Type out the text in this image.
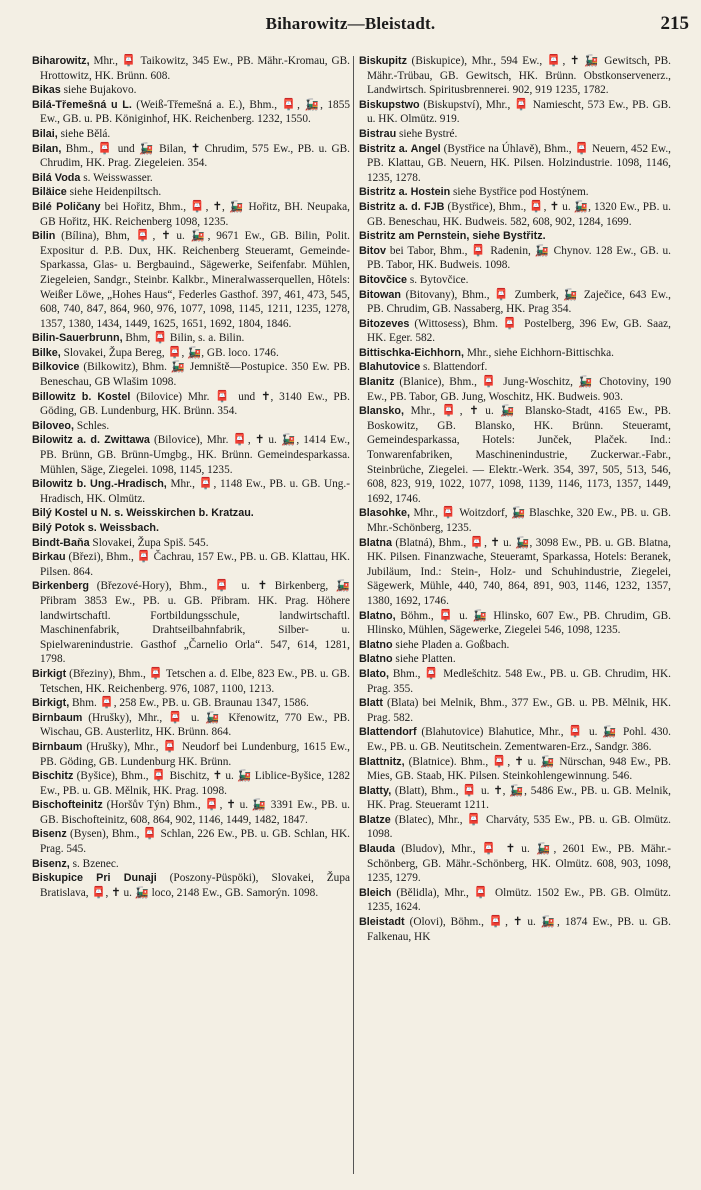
Biharowitz—Bleistadt.	215

Biharowitz, Mhr., 📮 Taikowitz, 345 Ew., PB. Mähr.-Kromau, GB. Hrottowitz, HK. Brünn. 608.

Bikas siehe Bujakovo.

Bilá-Třemešná u L. (Weiß-Třemešná a. E.), Bhm., 📮, 🚂, 1855 Ew., GB. u. PB. Königinhof, HK. Reichenberg. 1232, 1550.

Bilai, siehe Bělá.

Bilan, Bhm., 📮 und 🚂 Bilan, ✝ Chrudim, 575 Ew., PB. u. GB. Chrudim, HK. Prag. Ziegeleien. 354.

Bilá Voda s. Weisswasser.

Biläice siehe Heidenpiltsch.

Bilé Poličany bei Hořitz, Bhm., 📮, ✝, 🚂 Hořitz, BH. Neupaka, GB Hořitz, HK. Reichenberg 1098, 1235.

Bilin (Bílina), Bhm, 📮, ✝ u. 🚂, 9671 Ew., GB. Bilin, Polit. Expositur d. P.B. Dux, HK. Reichenberg Steueramt, Gemeinde-Sparkassa, Glas- u. Bergbauind., Sägewerke, Seifenfabr. Mühlen, Ziegeleien, Sandgr., Steinbr. Kalkbr., Mineralwasserquellen, Hôtels: Weißer Löwe, „Hohes Haus“, Federles Gasthof. 397, 461, 473, 545, 608, 740, 847, 864, 960, 976, 1077, 1098, 1145, 1211, 1235, 1278, 1357, 1380, 1434, 1449, 1625, 1651, 1692, 1804, 1846.

Bilin-Sauerbrunn, Bhm, 📮 Bilin, s. a. Bilin.

Bilke, Slovakei, Župa Bereg, 📮, 🚂, GB. loco. 1746.

Bilkovice (Bilkowitz), Bhm. 🚂 Jemniště—Postupice. 350 Ew. PB. Beneschau, GB Wlašim 1098.

Billowitz b. Kostel (Bilovice) Mhr. 📮 und ✝, 3140 Ew., PB. Göding, GB. Lundenburg, HK. Brünn. 354.

Biloveo, Schles.

Bilowitz a. d. Zwittawa (Bilovice), Mhr. 📮, ✝ u. 🚂, 1414 Ew., PB. Brünn, GB. Brünn-Umgbg., HK. Brünn. Gemeindesparkassa. Mühlen, Säge, Ziegelei. 1098, 1145, 1235.

Bilowitz b. Ung.-Hradisch, Mhr., 📮, 1148 Ew., PB. u. GB. Ung.-Hradisch, HK. Olmütz.

Bilý Kostel u N. s. Weisskirchen b. Kratzau.

Bilý Potok s. Weissbach.

Bindt-Baňa Slovakei, Župa Spiš. 545.

Birkau (Březi), Bhm., 📮 Čachrau, 157 Ew., PB. u. GB. Klattau, HK. Pilsen. 864.

Birkenberg (Březové-Hory), Bhm., 📮 u. ✝ Birkenberg, 🚂 Přibram 3853 Ew., PB. u. GB. Přibram. HK. Prag. Höhere landwirtschaftl. Fortbildungsschule, landwirtschaftl. Maschinenfabrik, Drahtseilbahnfabrik, Silber- u. Spielwarenindustrie. Gasthof „Čarnelio Orla“. 547, 614, 1281, 1798.

Birkigt (Březiny), Bhm., 📮 Tetschen a. d. Elbe, 823 Ew., PB. u. GB. Tetschen, HK. Reichenberg. 976, 1087, 1100, 1213.

Birkigt, Bhm. 📮, 258 Ew., PB. u. GB. Braunau 1347, 1586.

Birnbaum (Hrušky), Mhr., 📮 u. 🚂 Křenowitz, 770 Ew., PB. Wischau, GB. Austerlitz, HK. Brünn. 864.

Birnbaum (Hrušky), Mhr., 📮 Neudorf bei Lundenburg, 1615 Ew., PB. Göding, GB. Lundenburg HK. Brünn.

Bischitz (Byšice), Bhm., 📮 Bischitz, ✝ u. 🚂 Liblice-Byšice, 1282 Ew., PB. u. GB. Mělnik, HK. Prag. 1098.

Bischofteinitz (Horšův Týn) Bhm., 📮, ✝ u. 🚂 3391 Ew., PB. u. GB. Bischofteinitz, 608, 864, 902, 1146, 1449, 1482, 1847.

Bisenz (Bysen), Bhm., 📮 Schlan, 226 Ew., PB. u. GB. Schlan, HK. Prag. 545.

Bisenz, s. Bzenec.

Biskupice Pri Dunaji (Poszony-Püspöki), Slovakei, Župa Bratislava, 📮, ✝ u. 🚂 loco, 2148 Ew., GB. Samorýn. 1098.

Biskupitz (Biskupice), Mhr., 594 Ew., 📮, ✝ 🚂 Gewitsch, PB. Mähr.-Trübau, GB. Gewitsch, HK. Brünn. Obstkonservenerz., Landwirtsch. Spiritusbrennerei. 902, 919 1235, 1782.

Biskupstwo (Biskupství), Mhr., 📮 Namiescht, 573 Ew., PB. GB. u. HK. Olmütz. 919.

Bistrau siehe Bystré.

Bistritz a. Angel (Bystřice na Úhlavě), Bhm., 📮 Neuern, 452 Ew., PB. Klattau, GB. Neuern, HK. Pilsen. Holzindustrie. 1098, 1146, 1235, 1278.

Bistritz a. Hostein siehe Bystřice pod Hostýnem.

Bistritz a. d. FJB (Bystřice), Bhm., 📮, ✝ u. 🚂, 1320 Ew., PB. u. GB. Beneschau, HK. Budweis. 582, 608, 902, 1284, 1699.

Bistritz am Pernstein, siehe Bystřitz.

Bitov bei Tabor, Bhm., 📮 Radenin, 🚂 Chynov. 128 Ew., GB. u. PB. Tabor, HK. Budweis. 1098.

Bitovčice s. Bytovčice.

Bitowan (Bitovany), Bhm., 📮 Zumberk, 🚂 Zaječice, 643 Ew., PB. Chrudim, GB. Nassaberg, HK. Prag 354.

Bitozeves (Wittosess), Bhm. 📮 Postelberg, 396 Ew, GB. Saaz, HK. Eger. 582.

Bittischka-Eichhorn, Mhr., siehe Eichhorn-Bittischka.

Blahutovice s. Blattendorf.

Blanitz (Blanice), Bhm., 📮 Jung-Woschitz, 🚂 Chotoviny, 190 Ew., PB. Tabor, GB. Jung, Woschitz, HK. Budweis. 903.

Blansko, Mhr., 📮, ✝ u. 🚂 Blansko-Stadt, 4165 Ew., PB. Boskowitz, GB. Blansko, HK. Brünn. Steueramt, Gemeindesparkassa, Hotels: Junček, Plaček. Ind.: Tonwarenfabriken, Maschinenindustrie, Zuckerwar.-Fabr., Steinbrüche, Ziegelei. — Elektr.-Werk. 354, 397, 505, 513, 546, 608, 823, 919, 1022, 1077, 1098, 1139, 1146, 1173, 1357, 1449, 1692, 1746.

Blasohke, Mhr., 📮 Woitzdorf, 🚂 Blaschke, 320 Ew., PB. u. GB. Mhr.-Schönberg, 1235.

Blatna (Blatná), Bhm., 📮, ✝ u. 🚂, 3098 Ew., PB. u. GB. Blatna, HK. Pilsen. Finanzwache, Steueramt, Sparkassa, Hotels: Beranek, Jubiläum, Ind.: Stein-, Holz- und Schuhindustrie, Ziegelei, Sägewerk, Mühle, 440, 740, 864, 891, 903, 1146, 1232, 1357, 1380, 1692, 1746.

Blatno, Böhm., 📮 u. 🚂 Hlinsko, 607 Ew., PB. Chrudim, GB. Hlinsko, Mühlen, Sägewerke, Ziegelei 546, 1098, 1235.

Blatno siehe Pladen a. Goßbach.

Blatno siehe Platten.

Blato, Bhm., 📮 Medlešchitz. 548 Ew., PB. u. GB. Chrudim, HK. Prag. 355.

Blatt (Blata) bei Melnik, Bhm., 377 Ew., GB. u. PB. Mělnik, HK. Prag. 582.

Blattendorf (Blahutovice) Blahutice, Mhr., 📮 u. 🚂 Pohl. 430. Ew., PB. u. GB. Neutitschein. Zementwaren-Erz., Sandgr. 386.

Blattnitz, (Blatnice). Bhm., 📮, ✝ u. 🚂 Nürschan, 948 Ew., PB. Mies, GB. Staab, HK. Pilsen. Steinkohlengewinnung. 546.

Blatty, (Blatt), Bhm., 📮 u. ✝, 🚂, 5486 Ew., PB. u. GB. Melnik, HK. Prag. Steueramt 1211.

Blatze (Blatec), Mhr., 📮 Charváty, 535 Ew., PB. u. GB. Olmütz. 1098.

Blauda (Bludov), Mhr., 📮 ✝ u. 🚂, 2601 Ew., PB. Mähr.-Schönberg, GB. Mähr.-Schönberg, HK. Olmütz. 608, 903, 1098, 1235, 1279.

Bleich (Bělidla), Mhr., 📮 Olmütz. 1502 Ew., PB. GB. Olmütz. 1235, 1624.

Bleistadt (Olovi), Böhm., 📮, ✝ u. 🚂, 1874 Ew., PB. u. GB. Falkenau, HK
